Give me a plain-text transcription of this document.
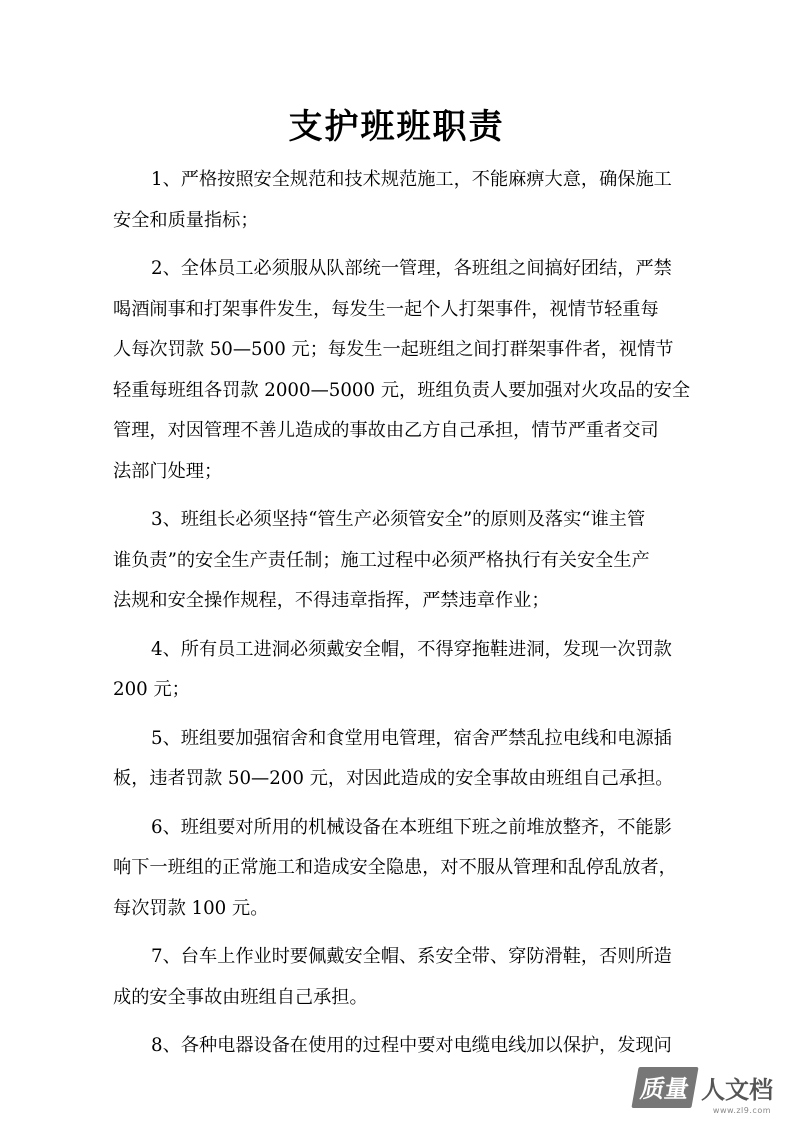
支护班班职责

1、严格按照安全规范和技术规范施工，不能麻痹大意，确保施工
安全和质量指标；

2、全体员工必须服从队部统一管理，各班组之间搞好团结，严禁
喝酒闹事和打架事件发生，每发生一起个人打架事件，视情节轻重每
人每次罚款 50—500 元；每发生一起班组之间打群架事件者，视情节
轻重每班组各罚款 2000—5000 元，班组负责人要加强对火攻品的安全
管理，对因管理不善儿造成的事故由乙方自己承担，情节严重者交司
法部门处理；

3、班组长必须坚持“管生产必须管安全”的原则及落实“谁主管
谁负责”的安全生产责任制；施工过程中必须严格执行有关安全生产
法规和安全操作规程，不得违章指挥，严禁违章作业；

4、所有员工进洞必须戴安全帽，不得穿拖鞋进洞，发现一次罚款
200 元；

5、班组要加强宿舍和食堂用电管理，宿舍严禁乱拉电线和电源插
板，违者罚款 50—200 元，对因此造成的安全事故由班组自己承担。

6、班组要对所用的机械设备在本班组下班之前堆放整齐，不能影
响下一班组的正常施工和造成安全隐患，对不服从管理和乱停乱放者，
每次罚款 100 元。

7、台车上作业时要佩戴安全帽、系安全带、穿防滑鞋，否则所造
成的安全事故由班组自己承担。

8、各种电器设备在使用的过程中要对电缆电线加以保护，发现问

质量 人文档
www.zl9.com
